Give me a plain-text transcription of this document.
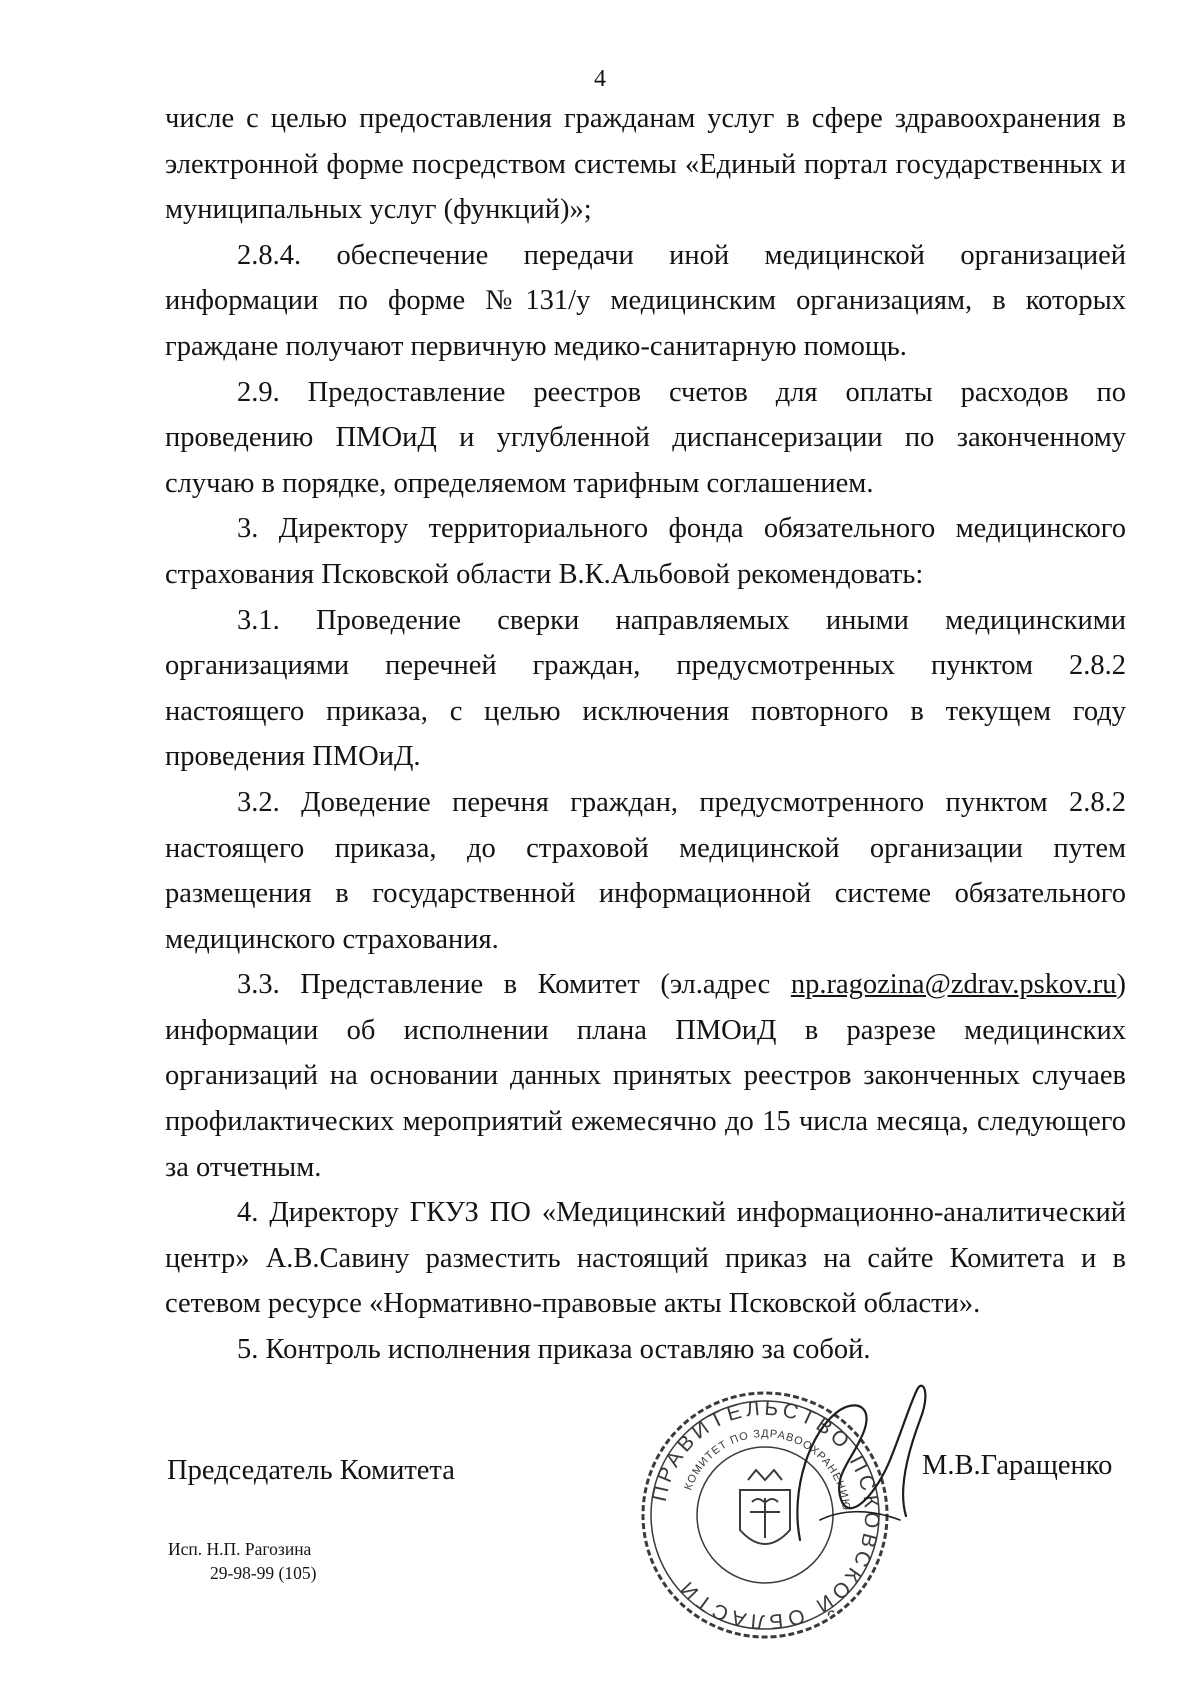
4

числе с целью предоставления гражданам услуг в сфере здравоохранения в электронной форме посредством системы «Единый портал государственных и муниципальных услуг (функций)»;

2.8.4. обеспечение передачи иной медицинской организацией информации по форме №131/у медицинским организациям, в которых граждане получают первичную медико-санитарную помощь.

2.9. Предоставление реестров счетов для оплаты расходов по проведению ПМОиД и углубленной диспансеризации по законченному случаю в порядке, определяемом тарифным соглашением.

3. Директору территориального фонда обязательного медицинского страхования Псковской области В.К.Альбовой рекомендовать:

3.1. Проведение сверки направляемых иными медицинскими организациями перечней граждан, предусмотренных пунктом 2.8.2 настоящего приказа, с целью исключения повторного в текущем году проведения ПМОиД.

3.2. Доведение перечня граждан, предусмотренного пунктом 2.8.2 настоящего приказа, до страховой медицинской организации путем размещения в государственной информационной системе обязательного медицинского страхования.

3.3. Представление в Комитет (эл.адрес np.ragozina@zdrav.pskov.ru) информации об исполнении плана ПМОиД в разрезе медицинских организаций на основании данных принятых реестров законченных случаев профилактических мероприятий ежемесячно до 15 числа месяца, следующего за отчетным.

4. Директору ГКУЗ ПО «Медицинский информационно-аналитический центр» А.В.Савину разместить настоящий приказ на сайте Комитета и в сетевом ресурсе «Нормативно-правовые акты Псковской области».

5. Контроль исполнения приказа оставляю за собой.

Председатель Комитета	М.В.Гаращенко
Исп. Н.П. Рагозина
29-98-99 (105)
ПРАВИТЕЛЬСТВО ПСКОВСКОЙ ОБЛАСТИ
КОМИТЕТ ПО ЗДРАВООХРАНЕНИЮ
